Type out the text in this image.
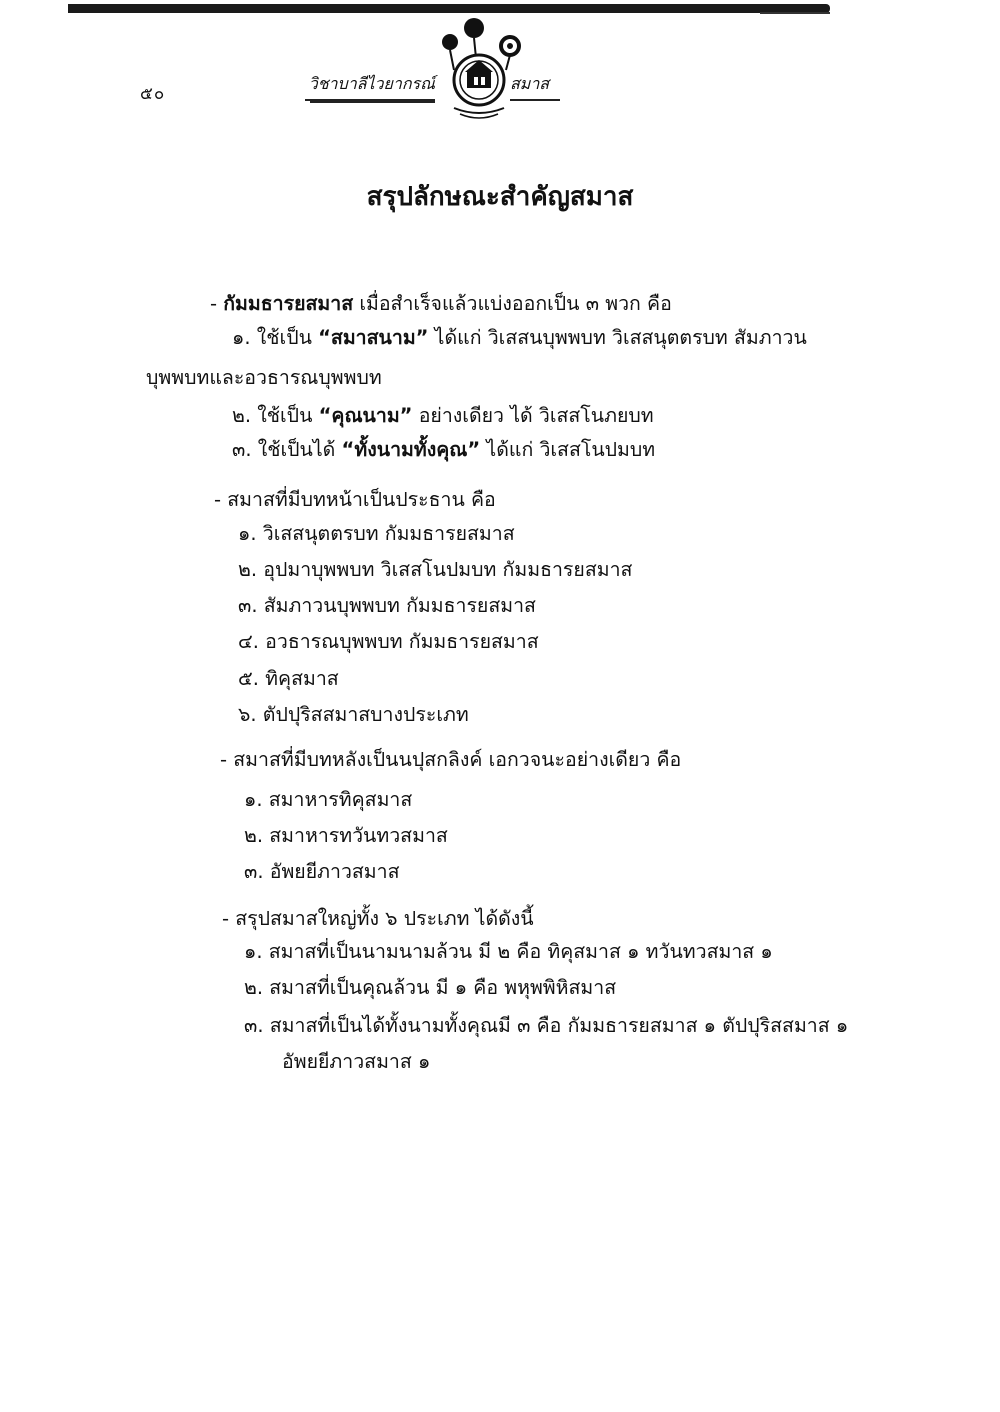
๕๐
วิชาบาลีไวยากรณ์	สมาส
สรุปลักษณะสำคัญสมาส
- กัมมธารยสมาส เมื่อสำเร็จแล้วแบ่งออกเป็น ๓ พวก คือ
๑. ใช้เป็น “สมาสนาม” ได้แก่ วิเสสนบุพพบท วิเสสนุตตรบท สัมภาวน
บุพพบทและอวธารณบุพพบท
๒. ใช้เป็น “คุณนาม” อย่างเดียว ได้ วิเสสโนภยบท
๓. ใช้เป็นได้ “ทั้งนามทั้งคุณ” ได้แก่ วิเสสโนปมบท
- สมาสที่มีบทหน้าเป็นประธาน คือ
๑. วิเสสนุตตรบท กัมมธารยสมาส
๒. อุปมาบุพพบท วิเสสโนปมบท กัมมธารยสมาส
๓. สัมภาวนบุพพบท กัมมธารยสมาส
๔. อวธารณบุพพบท กัมมธารยสมาส
๕. ทิคุสมาส
๖. ตัปปุริสสมาสบางประเภท
- สมาสที่มีบทหลังเป็นนปุสกลิงค์ เอกวจนะอย่างเดียว คือ
๑. สมาหารทิคุสมาส
๒. สมาหารทวันทวสมาส
๓. อัพยยีภาวสมาส
- สรุปสมาสใหญ่ทั้ง ๖ ประเภท ได้ดังนี้
๑. สมาสที่เป็นนามนามล้วน มี ๒ คือ ทิคุสมาส ๑ ทวันทวสมาส ๑
๒. สมาสที่เป็นคุณล้วน มี ๑ คือ พหุพพิหิสมาส
๓. สมาสที่เป็นได้ทั้งนามทั้งคุณมี ๓ คือ กัมมธารยสมาส ๑ ตัปปุริสสมาส ๑
อัพยยีภาวสมาส ๑
